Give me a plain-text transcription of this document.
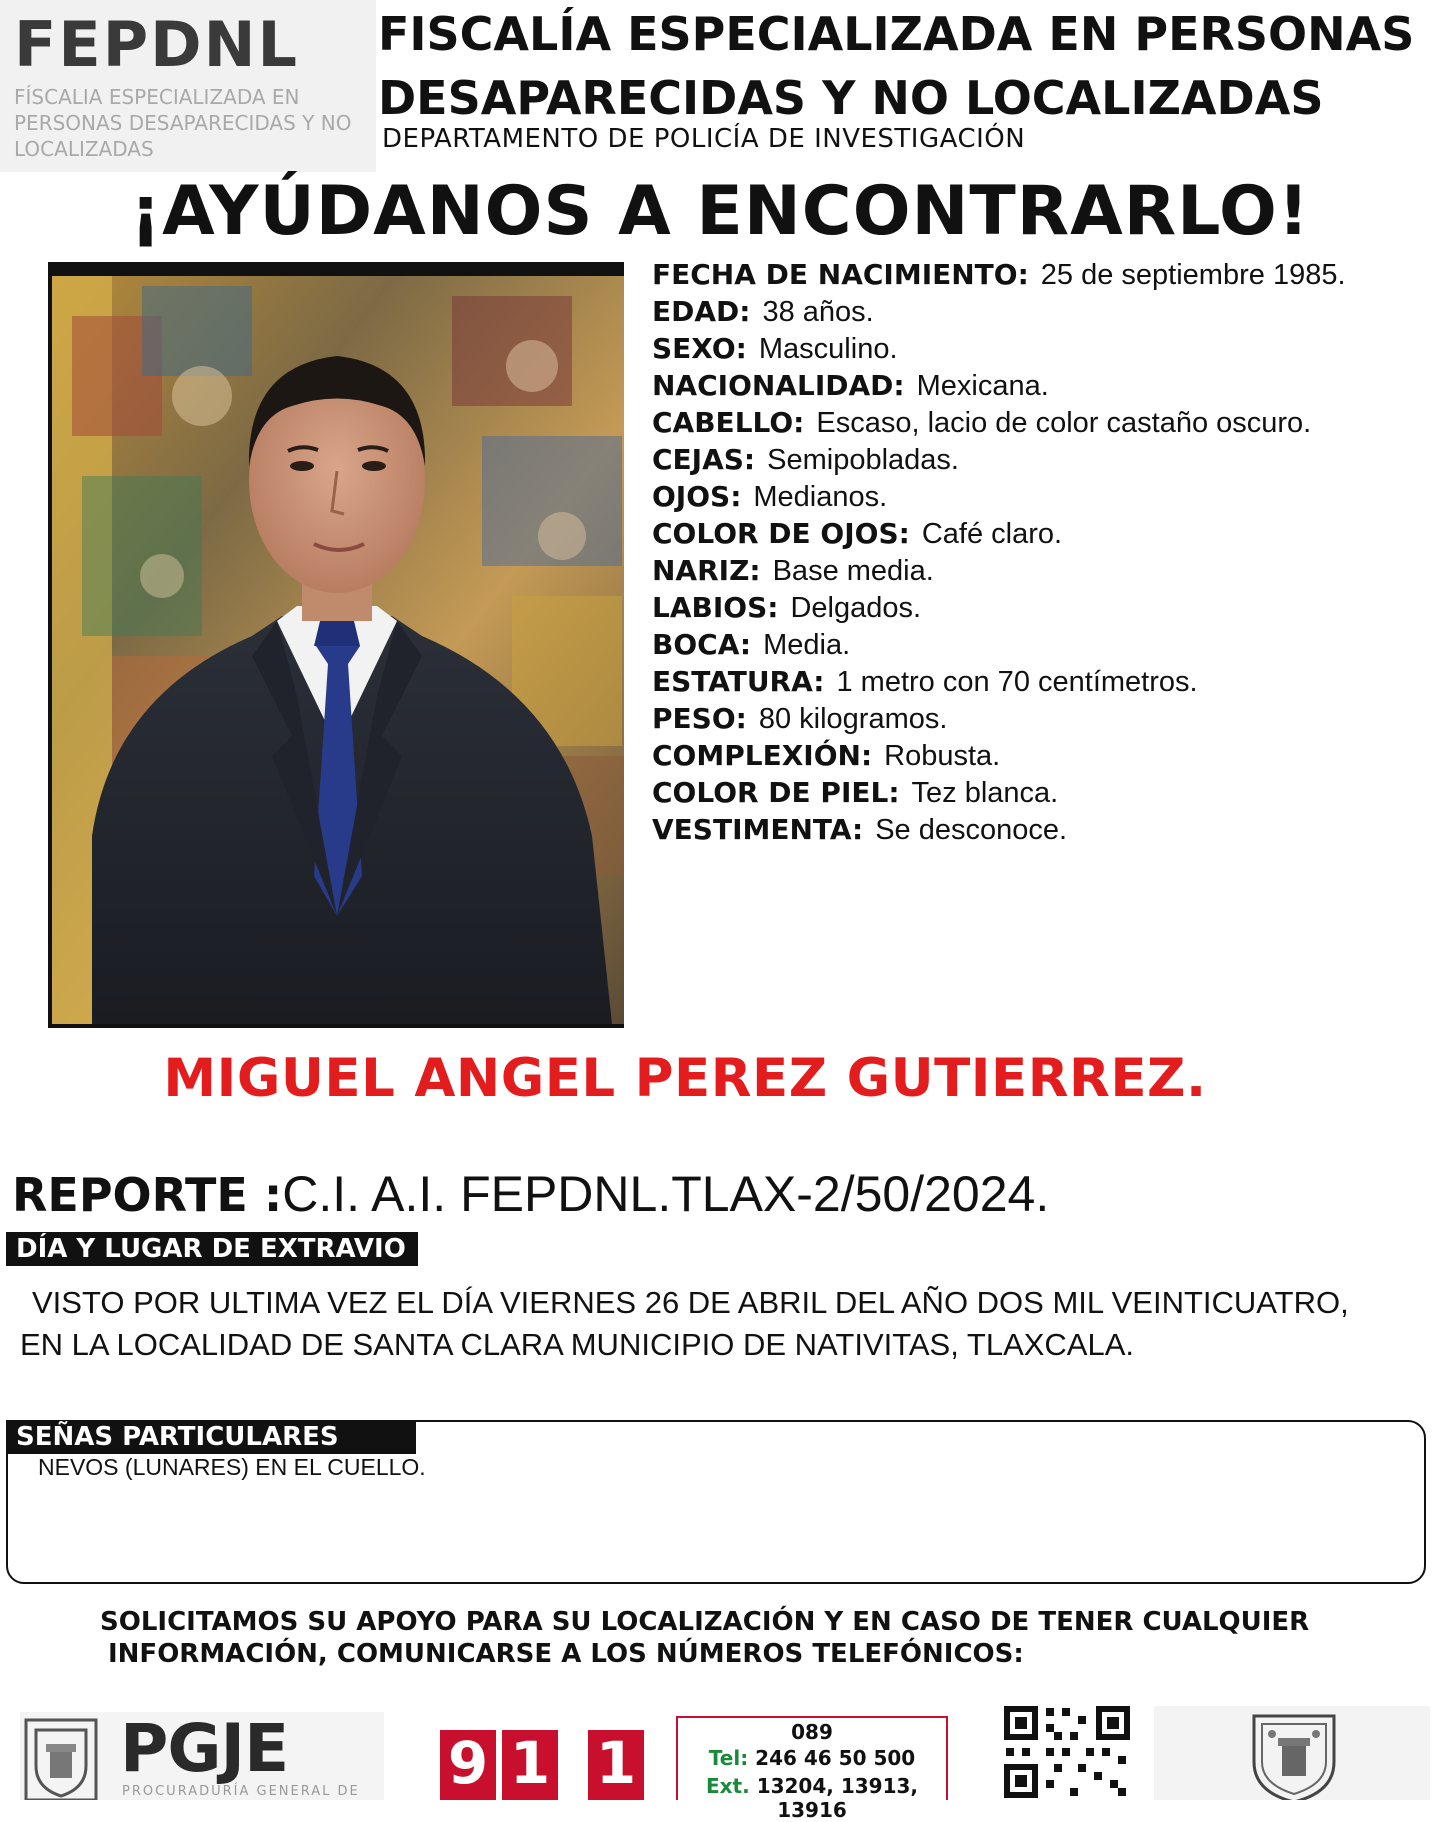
FEPDNL
FÍSCALIA ESPECIALIZADA EN PERSONAS DESAPARECIDAS Y NO LOCALIZADAS
FISCALÍA ESPECIALIZADA EN PERSONAS DESAPARECIDAS Y NO LOCALIZADAS
DEPARTAMENTO DE POLICÍA DE INVESTIGACIÓN
¡AYÚDANOS A ENCONTRARLO!
FECHA DE NACIMIENTO: 25 de septiembre 1985.
EDAD: 38 años.
SEXO: Masculino.
NACIONALIDAD: Mexicana.
CABELLO: Escaso, lacio de color castaño oscuro.
CEJAS: Semipobladas.
OJOS: Medianos.
COLOR DE OJOS: Café claro.
NARIZ: Base media.
LABIOS: Delgados.
BOCA: Media.
ESTATURA: 1 metro con 70 centímetros.
PESO: 80 kilogramos.
COMPLEXIÓN: Robusta.
COLOR DE PIEL: Tez blanca.
VESTIMENTA: Se desconoce.
MIGUEL ANGEL PEREZ GUTIERREZ.
REPORTE :C.I. A.I. FEPDNL.TLAX-2/50/2024.
DÍA Y LUGAR DE EXTRAVIO
VISTO POR ULTIMA VEZ EL DÍA VIERNES 26 DE ABRIL DEL AÑO DOS MIL VEINTICUATRO,
EN LA LOCALIDAD DE SANTA CLARA MUNICIPIO DE NATIVITAS, TLAXCALA.
SEÑAS PARTICULARES
NEVOS (LUNARES) EN EL CUELLO.
SOLICITAMOS SU APOYO PARA SU LOCALIZACIÓN Y EN CASO DE TENER CUALQUIER
INFORMACIÓN, COMUNICARSE A LOS NÚMEROS TELEFÓNICOS:
PGJE
PROCURADURÍA GENERAL DE 9 1 1	089
Tel: 246 46 50 500
Ext. 13204, 13913, 13916
